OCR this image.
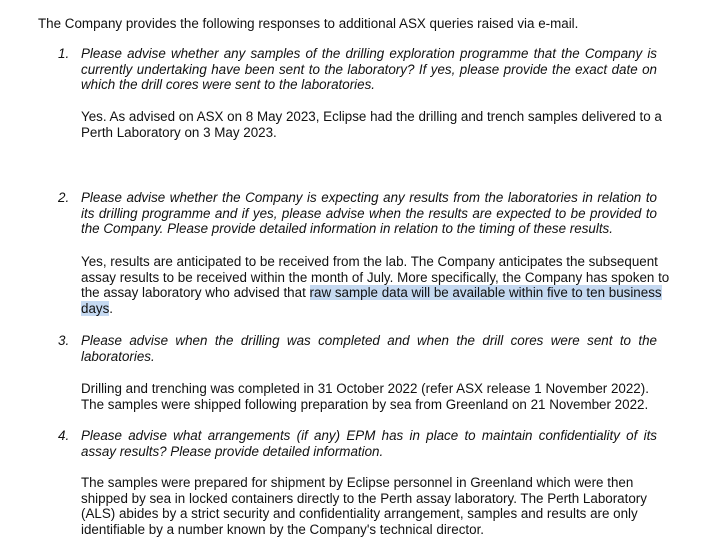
The Company provides the following responses to additional ASX queries raised via e-mail.

1. Please advise whether any samples of the drilling exploration programme that the Company is currently undertaking have been sent to the laboratory? If yes, please provide the exact date on which the drill cores were sent to the laboratories.
Yes. As advised on ASX on 8 May 2023, Eclipse had the drilling and trench samples delivered to a Perth Laboratory on 3 May 2023.
2. Please advise whether the Company is expecting any results from the laboratories in relation to its drilling programme and if yes, please advise when the results are expected to be provided to the Company. Please provide detailed information in relation to the timing of these results.
Yes, results are anticipated to be received from the lab. The Company anticipates the subsequent assay results to be received within the month of July. More specifically, the Company has spoken to the assay laboratory who advised that raw sample data will be available within five to ten business days.
3. Please advise when the drilling was completed and when the drill cores were sent to the laboratories.
Drilling and trenching was completed in 31 October 2022 (refer ASX release 1 November 2022). The samples were shipped following preparation by sea from Greenland on 21 November 2022.
4. Please advise what arrangements (if any) EPM has in place to maintain confidentiality of its assay results? Please provide detailed information.
The samples were prepared for shipment by Eclipse personnel in Greenland which were then shipped by sea in locked containers directly to the Perth assay laboratory. The Perth Laboratory (ALS) abides by a strict security and confidentiality arrangement, samples and results are only identifiable by a number known by the Company's technical director.
